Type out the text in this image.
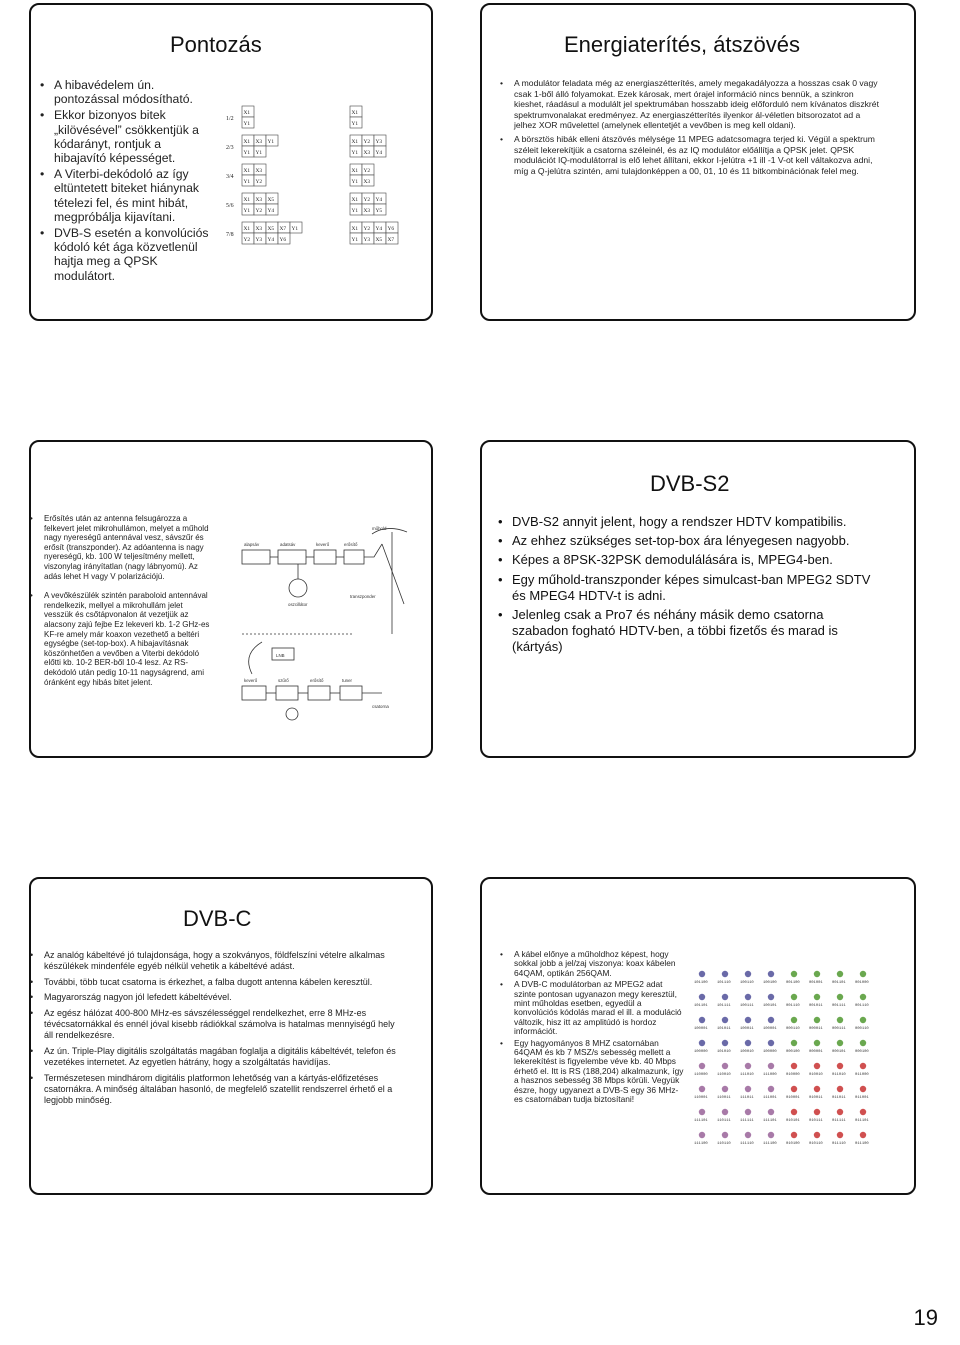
Pontozás
• A hibavédelem ún. pontozással módosítható.
• Ekkor bizonyos bitek „kilövésével” csökkentjük a kódarányt, rontjuk a hibajavító képességet.
• A Viterbi-dekódoló az így eltüntetett biteket hiánynak tételezi fel, és mint hibát, megpróbálja kijavítani.
• DVB-S esetén a konvolúciós kódoló két ága közvetlenül hajtja meg a QPSK modulátort.
1/2
X1
Y1
X1
Y1
2/3
X1 X3 Y1
Y1 Y1
X1 Y2 Y3
Y1 X3 Y4
3/4
X1 X3
Y1 Y2
X1 Y2
Y1 X3
5/6
X1 X3 X5
Y1 Y2 Y4
X1 Y2 Y4
Y1 X3 Y5
7/8
X1 X3 X5 X7 Y1
Y2 Y3 Y4 Y6
X1 Y2 Y4 Y6
Y1 Y3 X5 X7
Energiaterítés, átszövés
• A modulátor feladata még az energiaszétterítés, amely megakadályozza a hosszas csak 0 vagy csak 1-ből álló folyamokat. Ezek károsak, mert órajel információ nincs bennük, a szinkron kieshet, ráadásul a modulált jel spektrumában hosszabb ideig előforduló nem kívánatos diszkrét spektrumvonalakat eredményez. Az energiaszétterítés ilyenkor ál-véletlen bitsorozatot ad a jelhez XOR művelettel (amelynek ellentetjét a vevőben is meg kell oldani).
• A börsztös hibák elleni átszövés mélysége 11 MPEG adatcsomagra terjed ki. Végül a spektrum széleit lekerekítjük a csatorna széleinél, és az IQ modulátor előállítja a QPSK jelet. QPSK modulációt IQ-modulátorral is elő lehet állítani, ekkor I-jelútra +1 ill -1 V-ot kell váltakozva adni, míg a Q-jelútra szintén, ami tulajdonképpen a 00, 01, 10 és 11 bitkombinációnak felel meg.
• Erősítés után az antenna felsugározza a felkevert jelet mikrohullámon, melyet a műhold nagy nyereségű antennával vesz, sávszűr és erősít (transzponder). Az adóantenna is nagy nyereségű, kb. 100 W teljesítmény mellett, viszonylag irányítatlan (nagy lábnyomú). Az adás lehet H vagy V polarizációjú.
• A vevőkészülék szintén paraboloid antennával rendelkezik, mellyel a mikrohullám jelet vesszük és csőtápvonalon át vezetjük az alacsony zajú fejbe Ez lekeveri kb. 1-2 GHz-es KF-re amely már koaxon vezethető a beltéri egységbe (set-top-box). A hibajavításnak köszönhetően a vevőben a Viterbi dekódoló előtti kb. 10-2 BER-ből 10-4 lesz. Az RS-dekódoló után pedig 10-11 nagyságrend, ami óránként egy hibás bitet jelent.
alapsáv	adatsáv	keverő	erősítő
oszcillátor
műhold
transzponder
LNB
keverő	szűrő	erősítő	tuner
csatorna
DVB-S2
• DVB-S2 annyit jelent, hogy a rendszer HDTV kompatibilis.
• Az ehhez szükséges set-top-box ára lényegesen nagyobb.
• Képes a 8PSK-32PSK demodulálására is, MPEG4-ben.
• Egy műhold-transzponder képes simulcast-ban MPEG2 SDTV és MPEG4 HDTV-t is adni.
• Jelenleg csak a Pro7 és néhány másik demo csatorna szabadon fogható HDTV-ben, a többi fizetős és marad is (kártyás)
DVB-C
• Az analóg kábeltévé jó tulajdonsága, hogy a szokványos, földfelszíni vételre alkalmas készülékek mindenféle egyéb nélkül vehetik a kábeltévé adást.
• További, több tucat csatorna is érkezhet, a falba dugott antenna kábelen keresztül.
• Magyarország nagyon jól lefedett kábeltévével.
• Az egész hálózat 400-800 MHz-es sávszélességgel rendelkezhet, erre 8 MHz-es tévécsatornákkal és ennél jóval kisebb rádiókkal számolva is hatalmas mennyiségű hely áll rendelkezésre.
• Az ún. Triple-Play digitális szolgáltatás magában foglalja a digitális kábeltévét, telefon és vezetékes internetet. Az egyetlen hátrány, hogy a szolgáltatás havidíjas.
• Természetesen mindhárom digitális platformon lehetőség van a kártyás-előfizetéses csatornákra. A minőség általában hasonló, de megfelelő szatellit rendszerrel érhető el a legjobb minőség.
• A kábel előnye a műholdhoz képest, hogy sokkal jobb a jel/zaj viszonya: koax kábelen 64QAM, optikán 256QAM.
• A DVB-C modulátorban az MPEG2 adat szinte pontosan ugyanazon megy keresztül, mint műholdas esetben, egyedül a konvolúciós kódolás marad el ill. a moduláció változik, hisz itt az amplitúdó is hordoz információt.
• Egy hagyományos 8 MHZ csatornában 64QAM és kb 7 MSZ/s sebesség mellett a lekerekítést is figyelembe véve kb. 40 Mbps érhető el. Itt is RS (188,204) alkalmazunk, így a hasznos sebesség 38 Mbps körüli. Vegyük észre, hogy ugyanezt a DVB-S egy 36 MHz-es csatornában tudja biztosítani!
101100 101110 100110 100100 001100 001001 001101 001000
101101 101111 100111 100101 001110 001011 001111 001110
100001 101011 100011 100001 000110 000011 000111 000110
100000 101010 100010 100000 000100 000001 000101 000100
110000 110010 111010 111000 010000 010010 011010 011000
110001 110011 111011 111001 010001 010011 011011 011001
111101 110111 111111 111101 010101 010111 011111 011101
111100 110110 111110 111100 010100 010110 011110 011100
19
